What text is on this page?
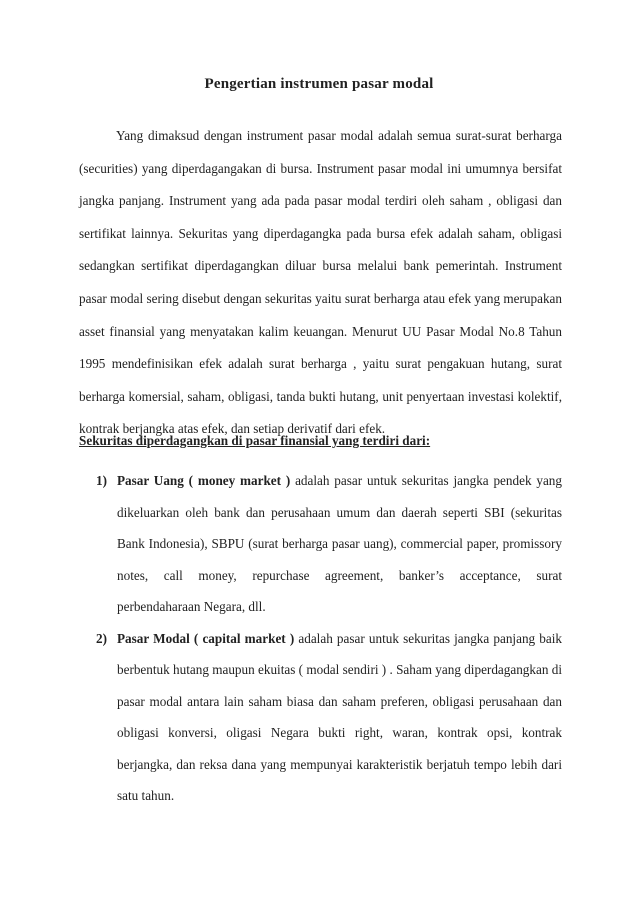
Pengertian instrumen pasar modal

Yang dimaksud dengan instrument pasar modal adalah semua surat-surat berharga (securities) yang diperdagangakan di bursa. Instrument pasar modal ini umumnya bersifat jangka panjang. Instrument yang ada pada pasar modal terdiri oleh saham , obligasi dan sertifikat lainnya. Sekuritas yang diperdagangka pada bursa efek adalah saham, obligasi sedangkan sertifikat diperdagangkan diluar bursa melalui bank pemerintah. Instrument pasar modal sering disebut dengan sekuritas yaitu surat berharga atau efek yang merupakan asset finansial yang menyatakan kalim keuangan. Menurut UU Pasar Modal No.8 Tahun 1995 mendefinisikan efek adalah surat berharga , yaitu surat pengakuan hutang, surat berharga komersial, saham, obligasi, tanda bukti hutang, unit penyertaan investasi kolektif, kontrak berjangka atas efek, dan setiap derivatif dari efek.

Sekuritas diperdagangkan di pasar finansial yang terdiri dari:

1) Pasar Uang ( money market ) adalah pasar untuk sekuritas jangka pendek yang dikeluarkan oleh bank dan perusahaan umum dan daerah seperti SBI (sekuritas Bank Indonesia), SBPU (surat berharga pasar uang), commercial paper, promissory notes, call money, repurchase agreement, banker’s acceptance, surat perbendaharaan Negara, dll.
2) Pasar Modal ( capital market ) adalah pasar untuk sekuritas jangka panjang baik berbentuk hutang maupun ekuitas ( modal sendiri ) . Saham yang diperdagangkan di pasar modal antara lain saham biasa dan saham preferen, obligasi perusahaan dan obligasi konversi, oligasi Negara bukti right, waran, kontrak opsi, kontrak berjangka, dan reksa dana yang mempunyai karakteristik berjatuh tempo lebih dari satu tahun.
